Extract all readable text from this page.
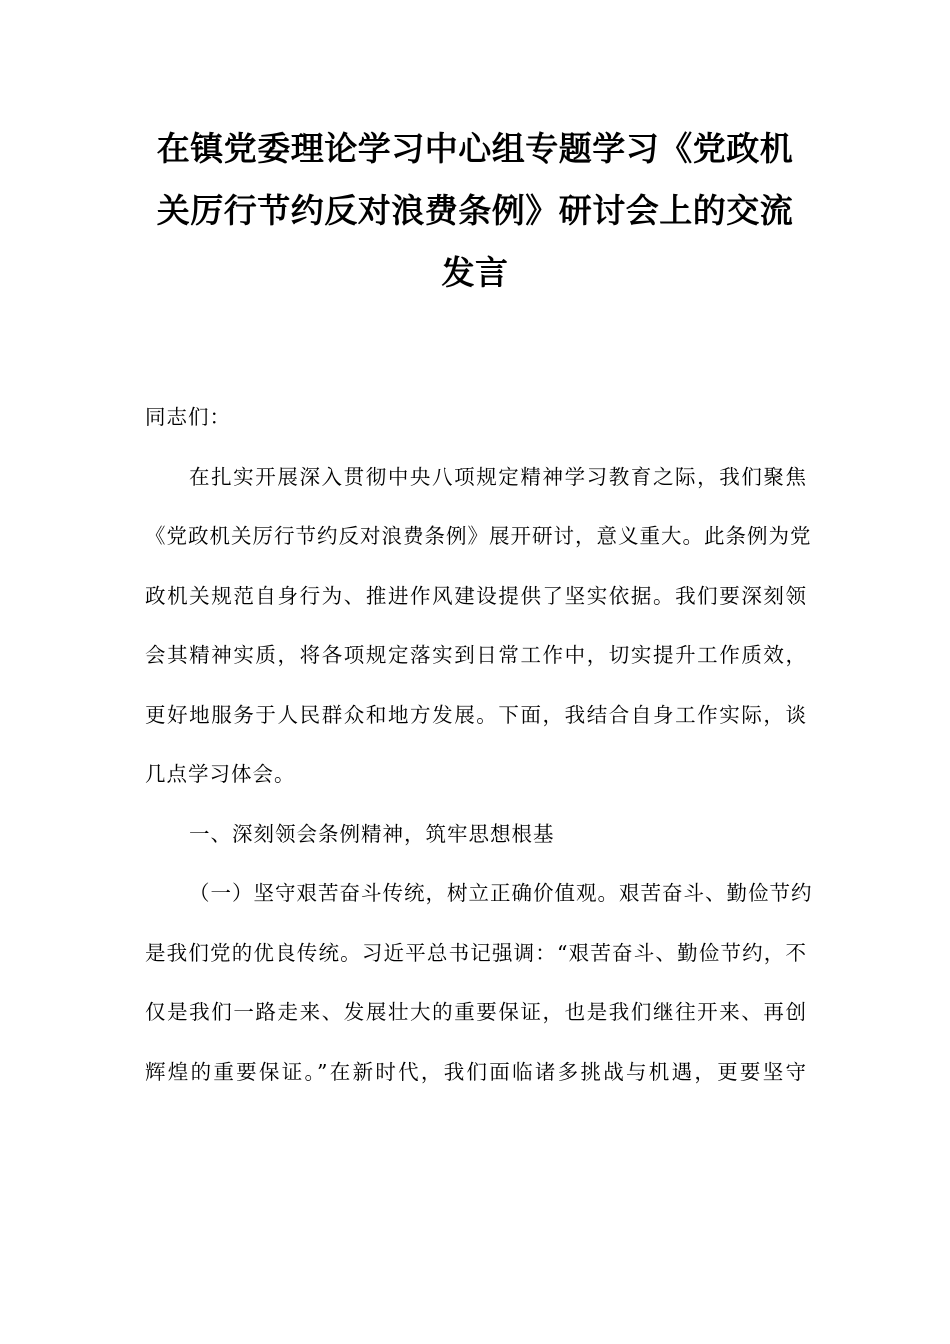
在镇党委理论学习中心组专题学习《党政机
关厉行节约反对浪费条例》研讨会上的交流
发言
同志们：
在扎实开展深入贯彻中央八项规定精神学习教育之际，我们聚焦
《党政机关厉行节约反对浪费条例》展开研讨，意义重大。此条例为党
政机关规范自身行为、推进作风建设提供了坚实依据。我们要深刻领
会其精神实质，将各项规定落实到日常工作中，切实提升工作质效，
更好地服务于人民群众和地方发展。下面，我结合自身工作实际，谈
几点学习体会。
一、深刻领会条例精神，筑牢思想根基
（一）坚守艰苦奋斗传统，树立正确价值观。艰苦奋斗、勤俭节约
是我们党的优良传统。习近平总书记强调：“艰苦奋斗、勤俭节约，不
仅是我们一路走来、发展壮大的重要保证，也是我们继往开来、再创
辉煌的重要保证。”在新时代，我们面临诸多挑战与机遇，更要坚守
